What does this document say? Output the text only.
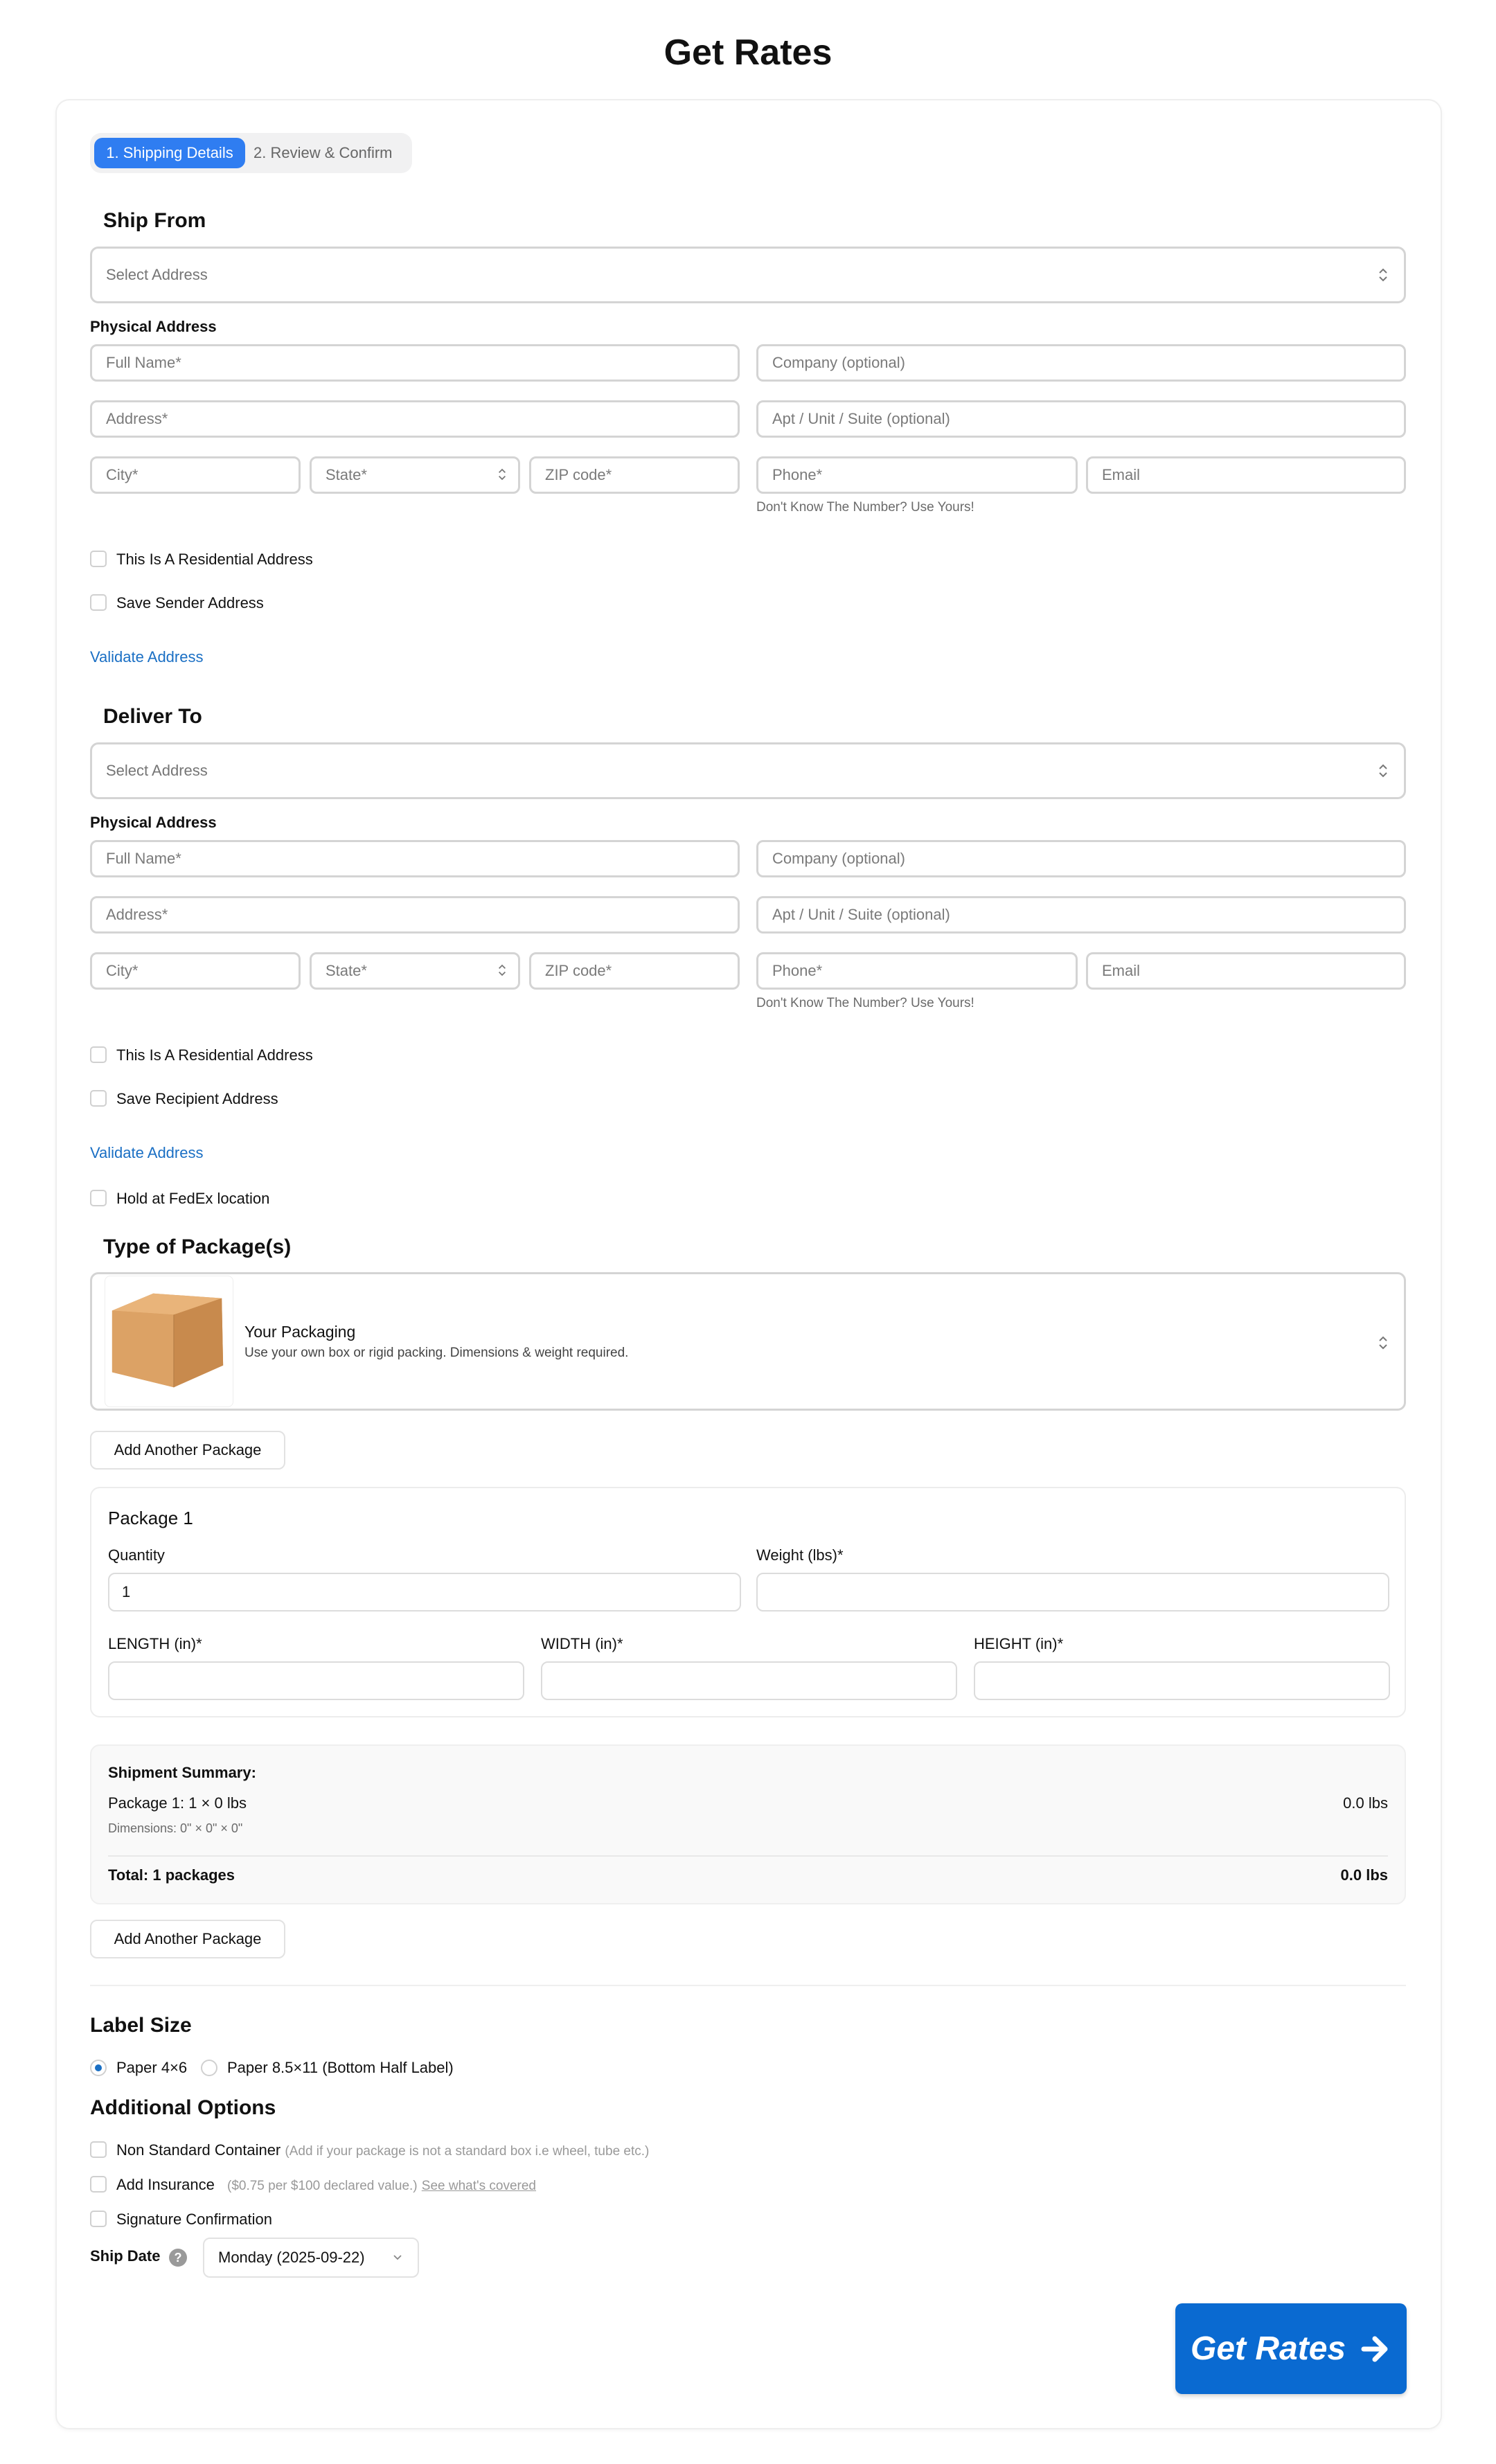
Get Rates
1. Shipping Details	2. Review & Confirm
Ship From
Select Address
Physical Address
Full Name*	Company (optional)
Address*	Apt / Unit / Suite (optional)
City*	State*	ZIP code*	Phone*	Email
Don't Know The Number? Use Yours!
This Is A Residential Address
Save Sender Address
Validate Address
Deliver To
Select Address
Physical Address
Full Name*	Company (optional)
Address*	Apt / Unit / Suite (optional)
City*	State*	ZIP code*	Phone*	Email
Don't Know The Number? Use Yours!
This Is A Residential Address
Save Recipient Address
Validate Address
Hold at FedEx location
Type of Package(s)
Your Packaging
Use your own box or rigid packing. Dimensions & weight required.
Add Another Package
Package 1
Quantity
1
Weight (lbs)*
LENGTH (in)*	WIDTH (in)*	HEIGHT (in)*
Shipment Summary:
Package 1: 1 × 0 lbs	0.0 lbs
Dimensions: 0" × 0" × 0"
Total: 1 packages	0.0 lbs
Add Another Package
Label Size
Paper 4×6	Paper 8.5×11 (Bottom Half Label)
Additional Options
Non Standard Container (Add if your package is not a standard box i.e wheel, tube etc.)
Add Insurance ($0.75 per $100 declared value.) See what's covered
Signature Confirmation
Ship Date	?	Monday (2025-09-22)
Get Rates
